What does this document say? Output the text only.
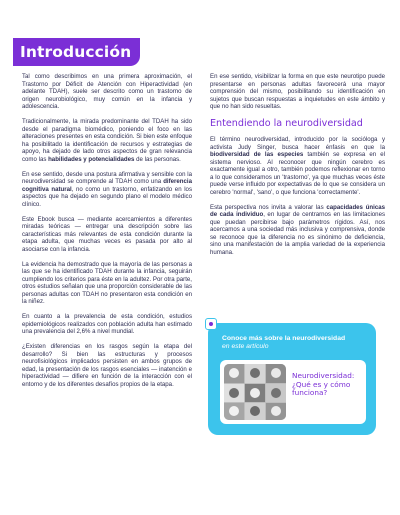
Introducción

Tal como describimos en una primera aproximación, el Trastorno por Déficit de Atención con Hiperactividad (en adelante TDAH), suele ser descrito como un trastorno de origen neurobiológico, muy común en la infancia y adolescencia.

Tradicionalmente, la mirada predominante del TDAH ha sido desde el paradigma biomédico, poniendo el foco en las alteraciones presentes en esta condición. Si bien este enfoque ha posibilitado la identificación de recursos y estrategias de apoyo, ha dejado de lado otros aspectos de gran relevancia como las habilidades y potencialidades de las personas.

En ese sentido, desde una postura afirmativa y sensible con la neurodiversidad se comprende al TDAH como una diferencia cognitiva natural, no como un trastorno, enfatizando en los aspectos que ha dejado en segundo plano el modelo médico clínico.

Este Ebook busca — mediante acercamientos a diferentes miradas teóricas — entregar una descripción sobre las características más relevantes de esta condición durante la etapa adulta, que muchas veces es pasada por alto al asociarse con la infancia.

La evidencia ha demostrado que la mayoría de las personas a las que se ha identificado TDAH durante la infancia, seguirán cumpliendo los criterios para éste en la adultez. Por otra parte, otros estudios señalan que una proporción considerable de las personas adultas con TDAH no presentaron esta condición en la niñez.

En cuanto a la prevalencia de esta condición, estudios epidemiológicos realizados con población adulta han estimado una prevalencia del 2,6% a nivel mundial.

¿Existen diferencias en los rasgos según la etapa del desarrollo? Si bien las estructuras y procesos neurofisiológicos implicados persisten en ambos grupos de edad, la presentación de los rasgos esenciales — inatención e hiperactividad — difiere en función de la interacción con el entorno y de los diferentes desafíos propios de la etapa.

En ese sentido, visibilizar la forma en que este neurotipo puede presentarse en personas adultas favorecerá una mayor comprensión del mismo, posibilitando su identificación en sujetos que buscan respuestas a inquietudes en este ámbito y que no han sido resueltas.

Entendiendo la neurodiversidad

El término neurodiversidad, introducido por la socióloga y activista Judy Singer, busca hacer énfasis en que la biodiversidad de las especies también se expresa en el sistema nervioso. Al reconocer que ningún cerebro es exactamente igual a otro, también podemos reflexionar en torno a lo que consideramos un 'trastorno', ya que muchas veces éste puede verse influido por expectativas de lo que se considera un cerebro 'normal', 'sano', o que funciona 'correctamente'.

Esta perspectiva nos invita a valorar las capacidades únicas de cada individuo, en lugar de centrarnos en las limitaciones que puedan percibirse bajo parámetros rígidos. Así, nos acercamos a una sociedad más inclusiva y comprensiva, donde se reconoce que la diferencia no es sinónimo de deficiencia, sino una manifestación de la amplia variedad de la experiencia humana.

Conoce más sobre la neurodiversidad
en este artículo
Neurodiversidad: ¿Qué es y cómo funciona?
